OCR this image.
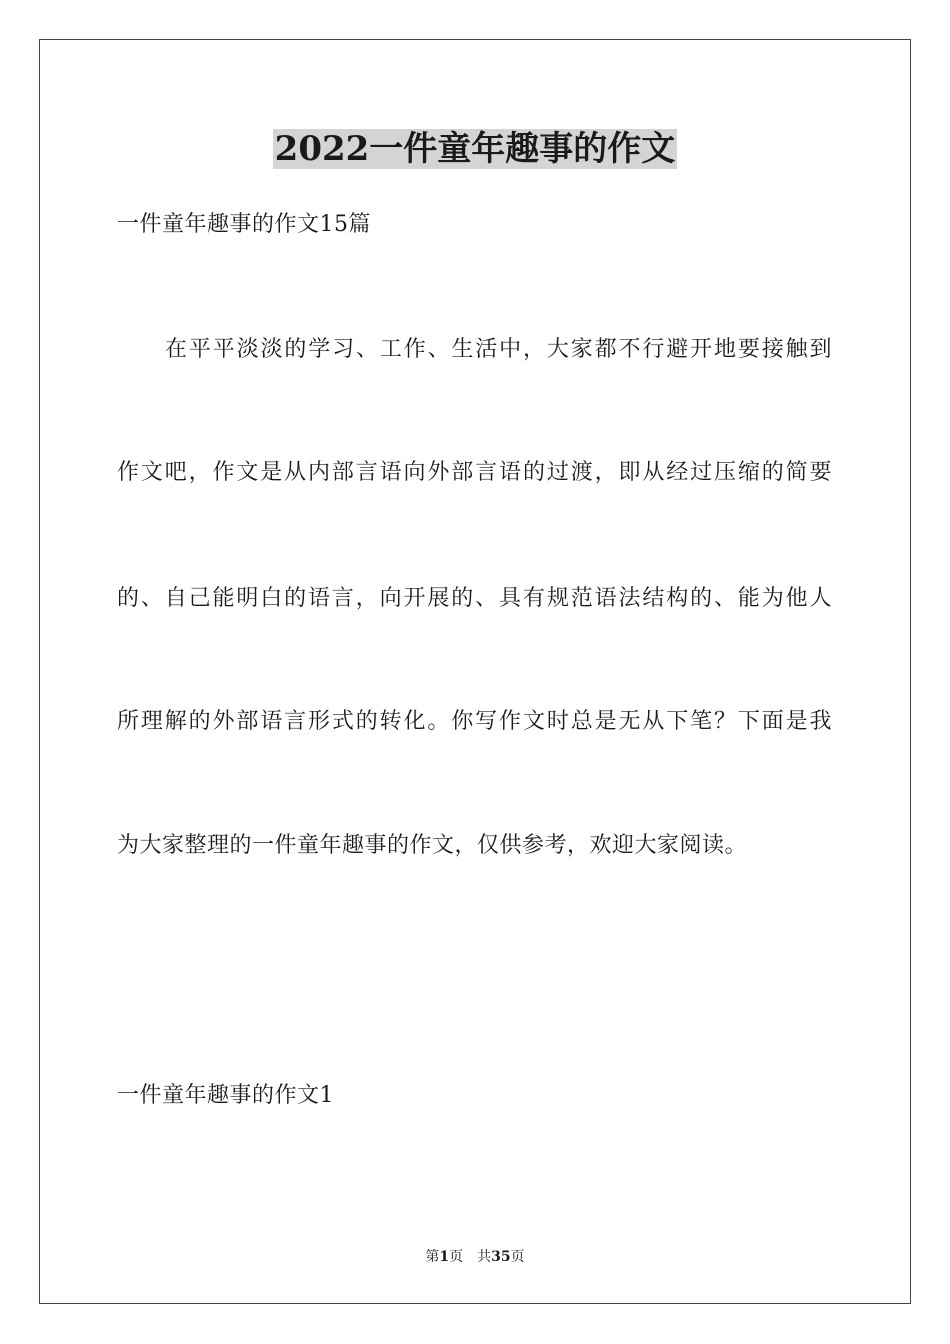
2022一件童年趣事的作文

一件童年趣事的作文15篇

在平平淡淡的学习、工作、生活中，大家都不行避开地要接触到

作文吧，作文是从内部言语向外部言语的过渡，即从经过压缩的简要

的、自己能明白的语言，向开展的、具有规范语法结构的、能为他人

所理解的外部语言形式的转化。你写作文时总是无从下笔？下面是我

为大家整理的一件童年趣事的作文，仅供参考，欢迎大家阅读。

一件童年趣事的作文1

第1页　共35页
